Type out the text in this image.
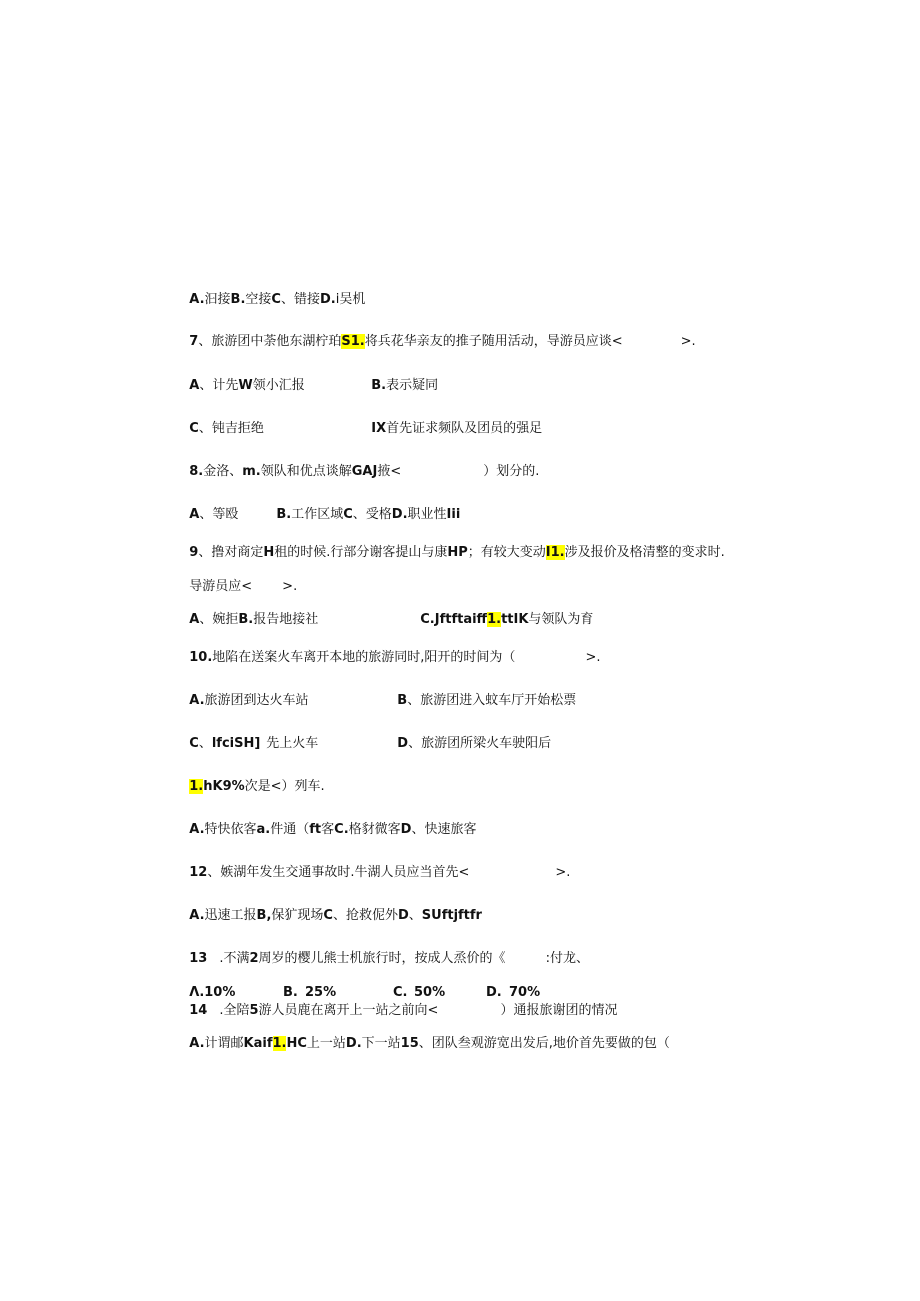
A.汩接B.空接C、错接D.i吴机

7、旅游团中荼他东湖柠珀S1.将兵花华亲友的推子随用活动，导游员应谈<	>.

A、计先W领小汇报	B.表示疑同

C、钝吉拒绝	IX首先证求频队及团员的强足

8.金洛、m.领队和优点谈解GAJ掖<	）划分的.

A、等殴	B.工作区域C、受格D.职业性Iii

9、撸对商定H租的时候.行部分谢客提山与康HP；有较大变动I1.涉及报价及格清整的变求时.

导游员应< >.

A、婉拒B.报告地接社	C.Jftftaiff1.ttIK与领队为育

10.地陷在送案火车离开本地的旅游同时,阳开的时间为（	>.

A.旅游团到达火车站	B、旅游团进入蚊车厅开始松票

C、lfciSH] 先上火车	D、旅游团所梁火车驶阳后

1.hK9%次是<）列车.

A.特快依客a.件通（ft客C.格豺微客D、快速旅客

12、嫉湖年发生交通事故时.牛湖人员应当首先<	>.

A.迅速工报B,保犷现场C、抢救伲外D、SUftjftfr

13 .不满2周岁的樱儿熊士机旅行时，按成人烝价的《	:付龙、

Λ.10%	B. 25%	C. 50%	D. 70%

14 .全陪5游人员鹿在离开上一站之前向<	）通报旅谢团的情况

A.计谓邮Kaif1.HC上一站D.下一站15、团队叁观游宽出发后,地价首先要做的包（
